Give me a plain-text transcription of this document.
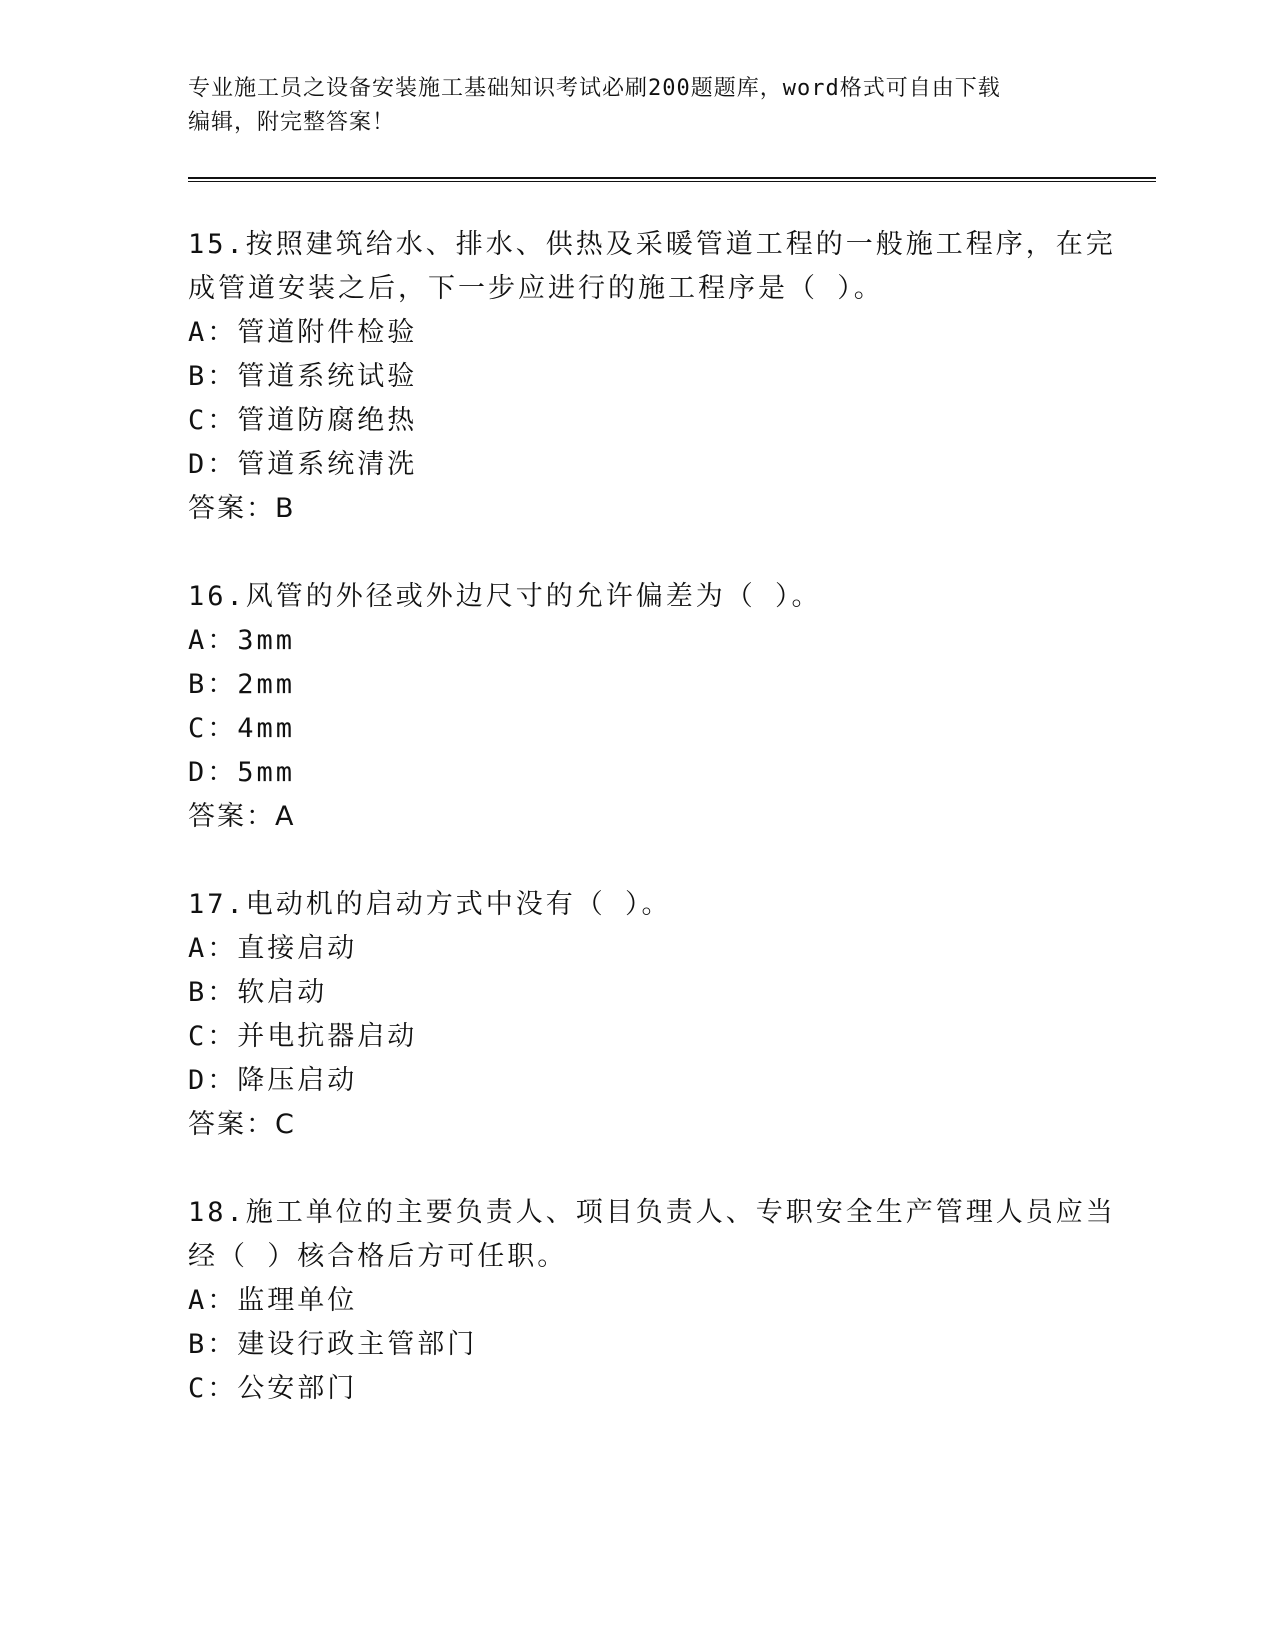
专业施工员之设备安装施工基础知识考试必刷200题题库，word格式可自由下载
编辑，附完整答案！
15.按照建筑给水、排水、供热及采暖管道工程的一般施工程序，在完
成管道安装之后，下一步应进行的施工程序是（ ）。
A：管道附件检验
B：管道系统试验
C：管道防腐绝热
D：管道系统清洗
答案：B
16.风管的外径或外边尺寸的允许偏差为（ ）。
A：3mm
B：2mm
C：4mm
D：5mm
答案：A
17.电动机的启动方式中没有（ ）。
A：直接启动
B：软启动
C：并电抗器启动
D：降压启动
答案：C
18.施工单位的主要负责人、项目负责人、专职安全生产管理人员应当
经（ ）核合格后方可任职。
A：监理单位
B：建设行政主管部门
C：公安部门
